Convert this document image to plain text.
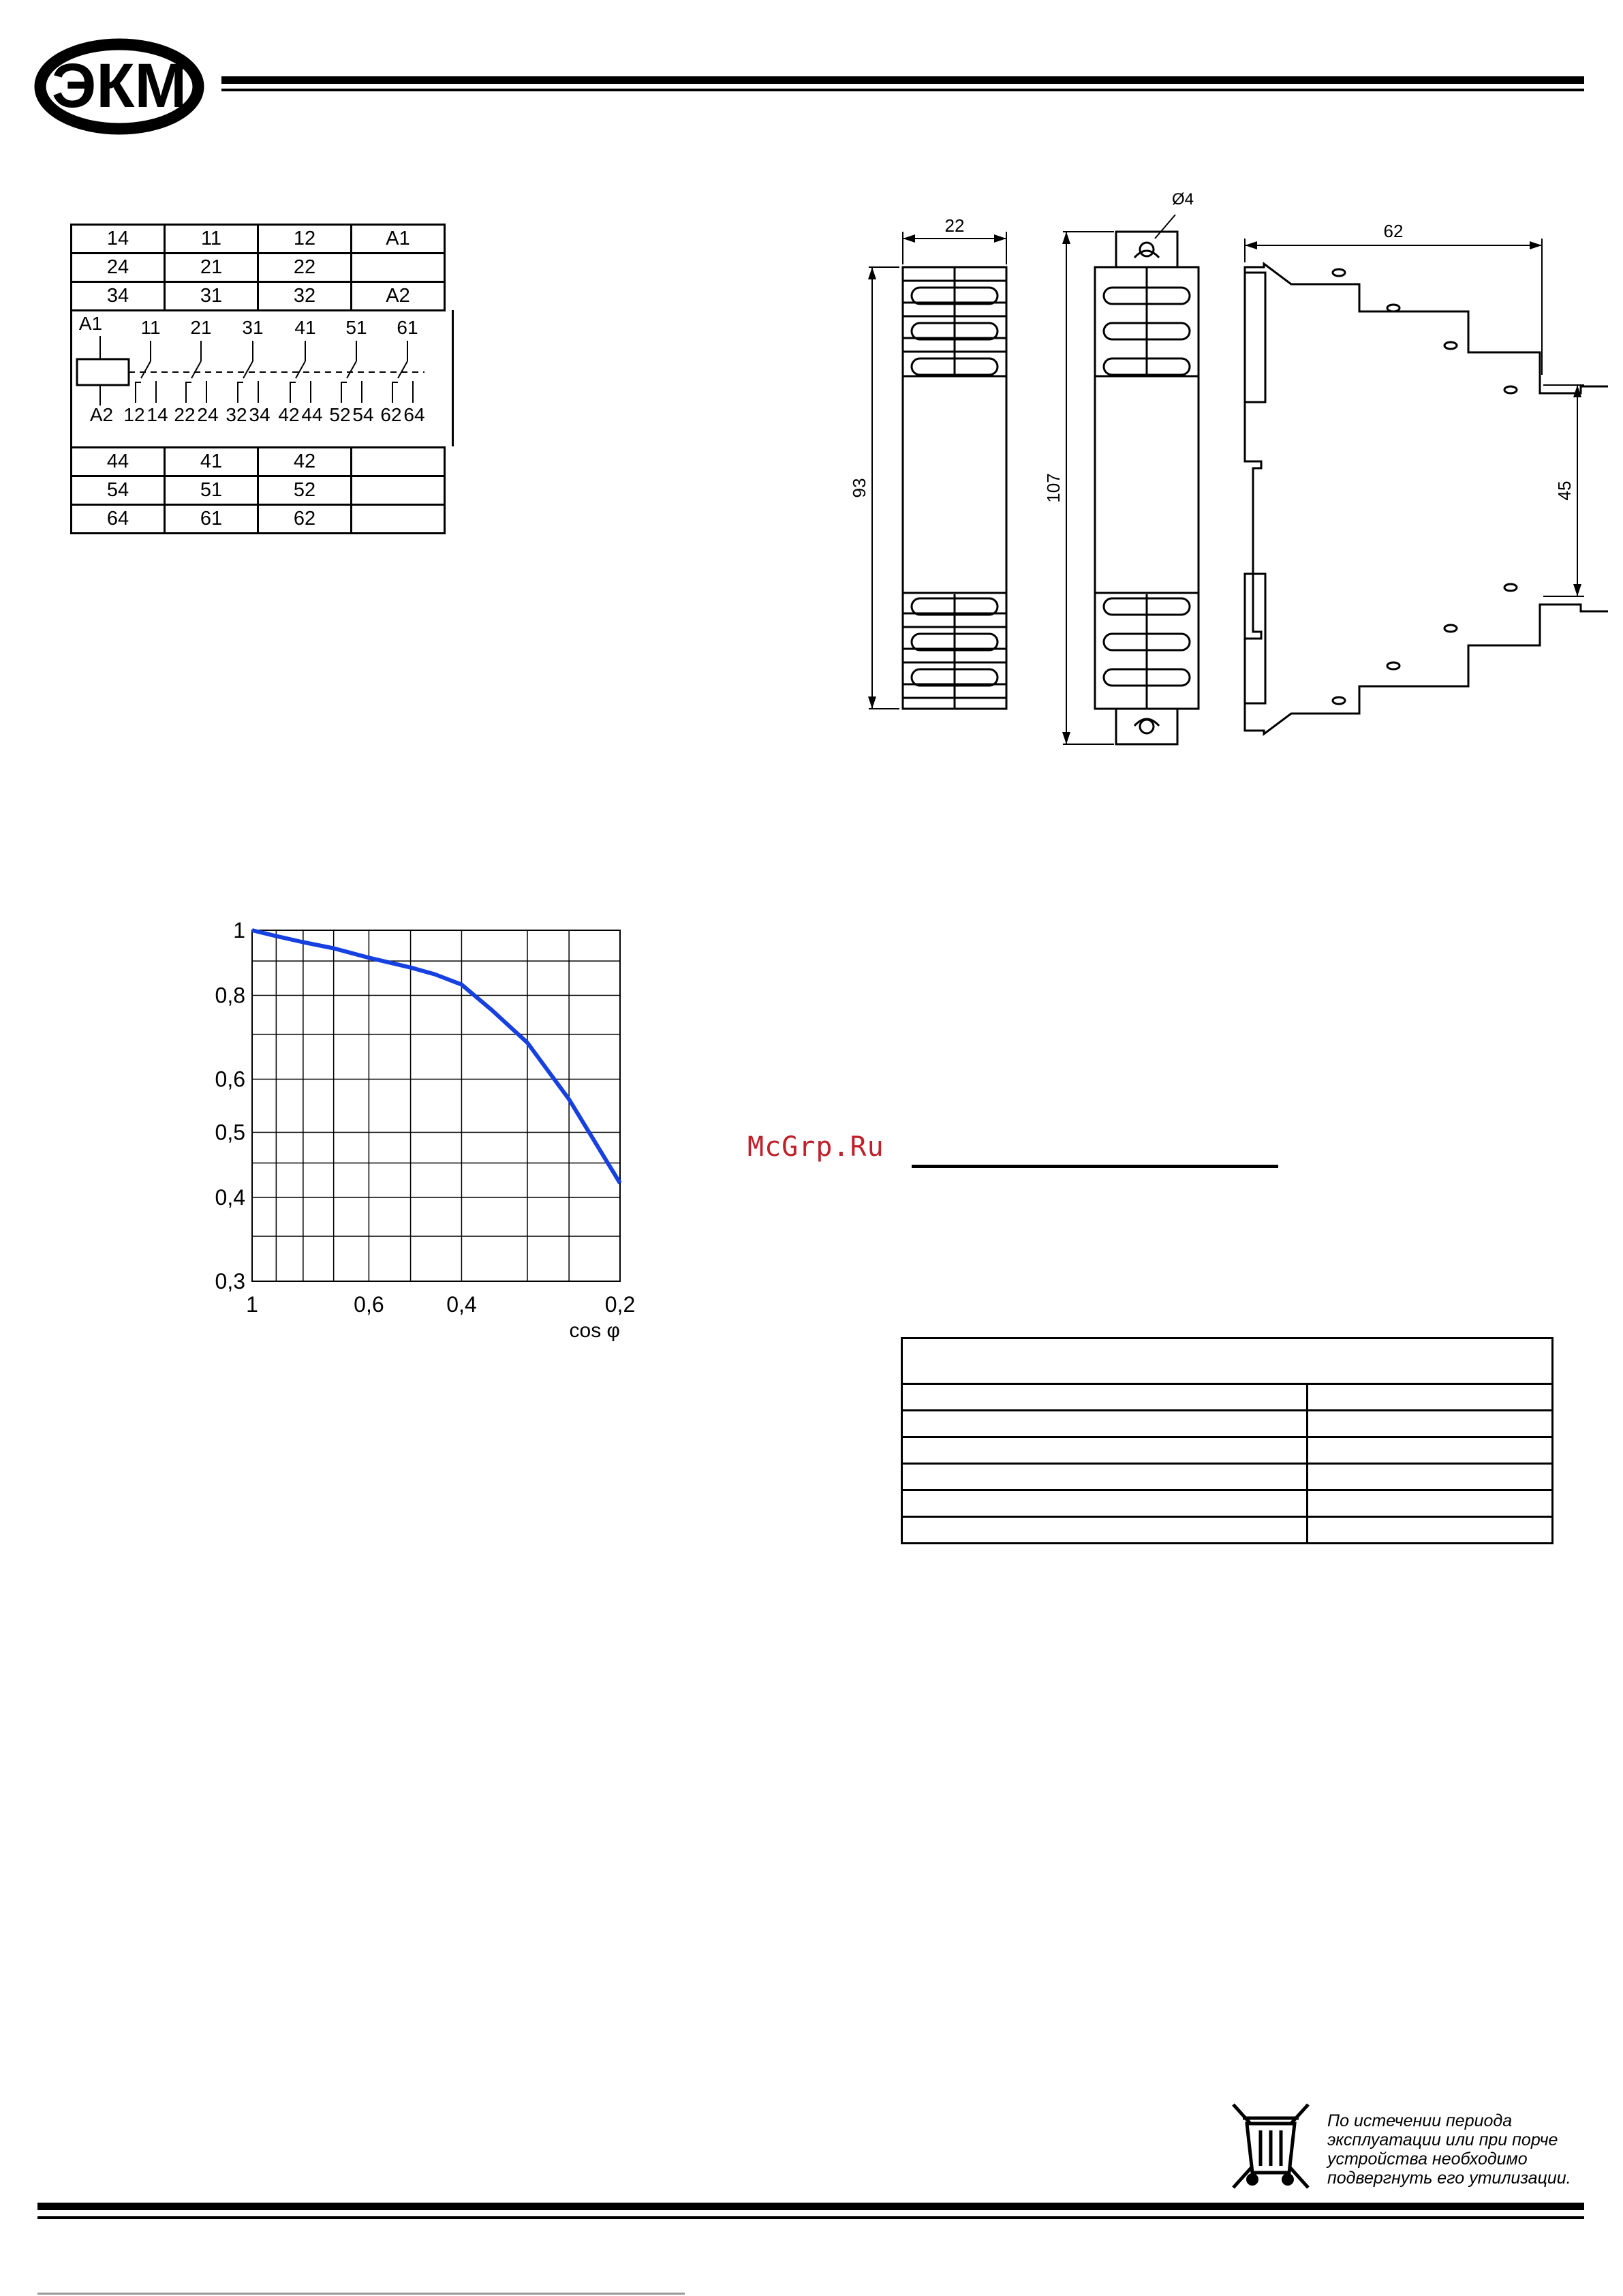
ЭКМ
14	11	12	A1
24	21	22	
34	31	32	A2
A1
A2
11
12 14
21
22 24
31
32 34
41
42 44
51
52 54
61
62 64
44	41	42	
54	51	52	
64	61	62	
22
93	107
Ø4
62
45
1
0,8
0,6
0,5
0,4
0,3
1	0,6	0,4	0,2
cos φ
McGrp.Ru

По истечении периода
эксплуатации или при порче
устройства необходимо
подвергнуть его утилизации.
